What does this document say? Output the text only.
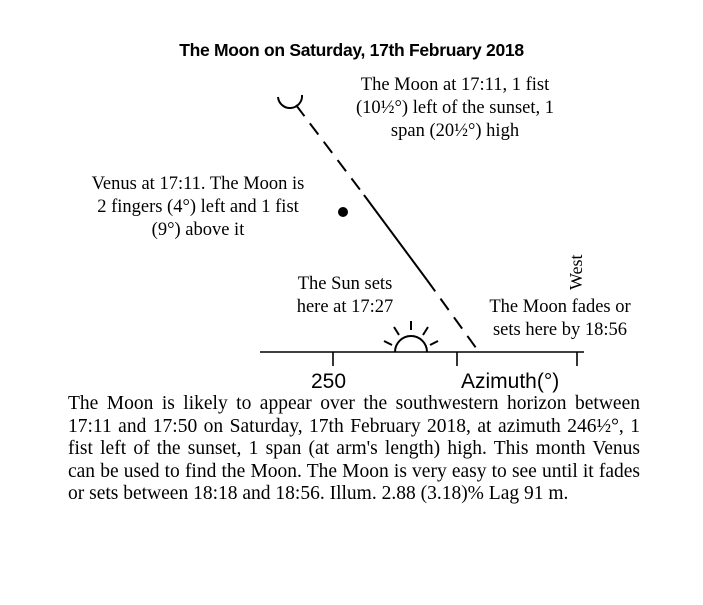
The Moon on Saturday, 17th February 2018
The Moon at 17:11, 1 fist
(10½°) left of the sunset, 1
span (20½°) high
Venus at 17:11. The Moon is
2 fingers (4°) left and 1 fist
(9°) above it
The Sun sets
here at 17:27	The Moon fades or
sets here by 18:56
West
250	Azimuth(°)
The Moon is likely to appear over the southwestern horizon between 17:11 and 17:50 on Saturday, 17th February 2018, at azimuth 246½°, 1 fist left of the sunset, 1 span (at arm's length) high. This month Venus can be used to find the Moon. The Moon is very easy to see until it fades or sets between 18:18 and 18:56. Illum. 2.88 (3.18)% Lag 91 m.
